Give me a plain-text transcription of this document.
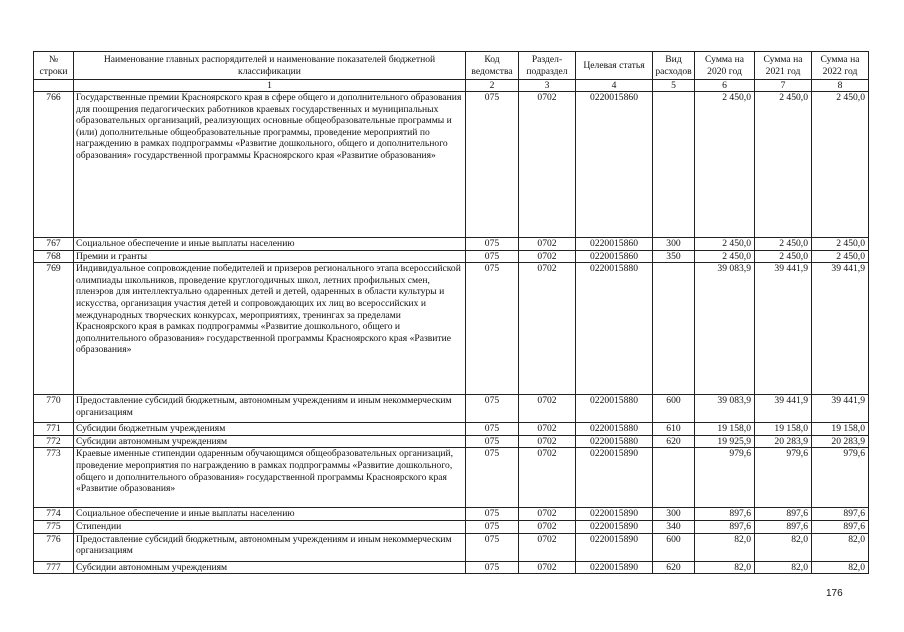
№ строки	Наименование главных распорядителей и наименование показателей бюджетной классификации	Код ведомства	Раздел-подраздел	Целевая статья	Вид расходов	Сумма на 2020 год	Сумма на 2021 год	Сумма на 2022 год
	1	2	3	4	5	6	7	8
766	Государственные премии Красноярского края в сфере общего и дополнительного образования для поощрения педагогических работников краевых государственных и муниципальных образовательных организаций, реализующих основные общеобразовательные программы и (или) дополнительные общеобразовательные программы, проведение мероприятий по награждению в рамках подпрограммы «Развитие дошкольного, общего и дополнительного образования» государственной программы Красноярского края «Развитие образования»	075	0702	0220015860		2 450,0	2 450,0	2 450,0
767	Социальное обеспечение и иные выплаты населению	075	0702	0220015860	300	2 450,0	2 450,0	2 450,0
768	Премии и гранты	075	0702	0220015860	350	2 450,0	2 450,0	2 450,0
769	Индивидуальное сопровождение победителей и призеров регионального этапа всероссийской олимпиады школьников, проведение круглогодичных школ, летних профильных смен, пленэров для интеллектуально одаренных детей и детей, одаренных в области культуры и искусства, организация участия детей и сопровождающих их лиц во всероссийских и международных творческих конкурсах, мероприятиях, тренингах за пределами Красноярского края в рамках подпрограммы «Развитие дошкольного, общего и дополнительного образования» государственной программы Красноярского края «Развитие образования»	075	0702	0220015880		39 083,9	39 441,9	39 441,9
770	Предоставление субсидий бюджетным, автономным учреждениям и иным некоммерческим организациям	075	0702	0220015880	600	39 083,9	39 441,9	39 441,9
771	Субсидии бюджетным учреждениям	075	0702	0220015880	610	19 158,0	19 158,0	19 158,0
772	Субсидии автономным учреждениям	075	0702	0220015880	620	19 925,9	20 283,9	20 283,9
773	Краевые именные стипендии одаренным обучающимся общеобразовательных организаций, проведение мероприятия по награждению в рамках подпрограммы «Развитие дошкольного, общего и дополнительного образования» государственной программы Красноярского края «Развитие образования»	075	0702	0220015890		979,6	979,6	979,6
774	Социальное обеспечение и иные выплаты населению	075	0702	0220015890	300	897,6	897,6	897,6
775	Стипендии	075	0702	0220015890	340	897,6	897,6	897,6
776	Предоставление субсидий бюджетным, автономным учреждениям и иным некоммерческим организациям	075	0702	0220015890	600	82,0	82,0	82,0
777	Субсидии автономным учреждениям	075	0702	0220015890	620	82,0	82,0	82,0
176
